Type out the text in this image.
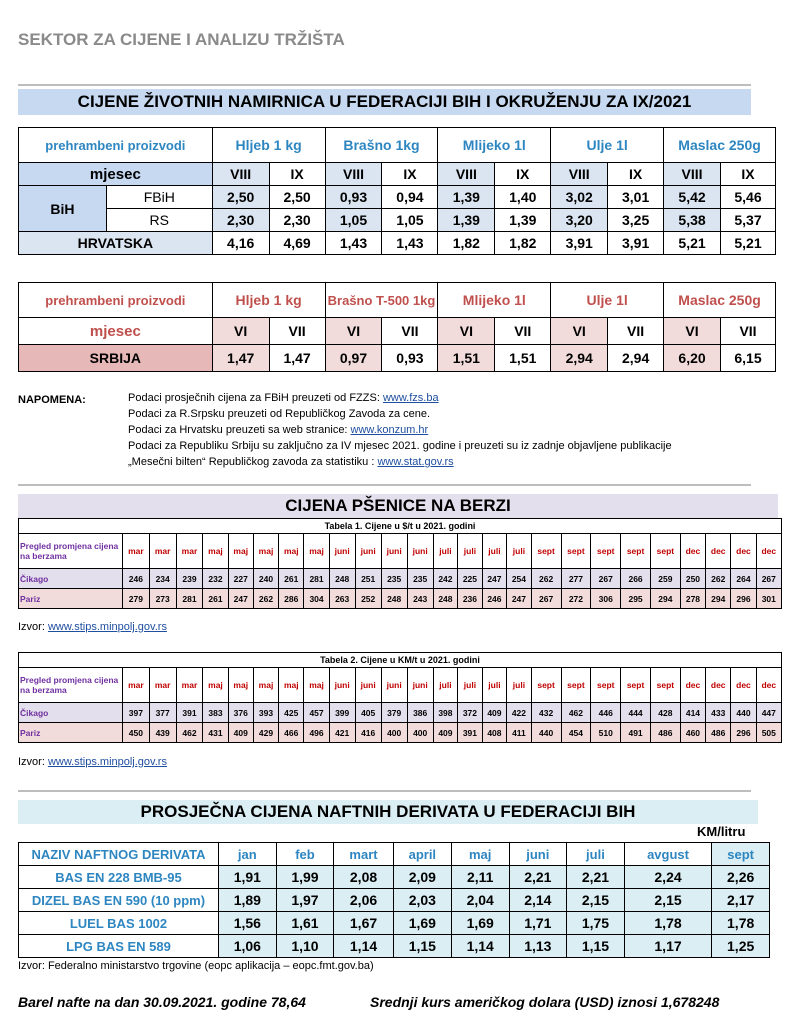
SEKTOR ZA CIJENE I ANALIZU TRŽIŠTA
CIJENE ŽIVOTNIH NAMIRNICA U FEDERACIJI BIH I OKRUŽENJU ZA IX/2021
prehrambeni proizvodi		Hljeb 1 kg		Brašno 1kg		Mlijeko 1l		Ulje 1l		Maslac 250g	
mjesec		VIII	IX	VIII	IX	VIII	IX	VIII	IX	VIII	IX
BiH	FBiH	2,50	2,50	0,93	0,94	1,39	1,40	3,02	3,01	5,42	5,46
	RS	2,30	2,30	1,05	1,05	1,39	1,39	3,20	3,25	5,38	5,37
HRVATSKA		4,16	4,69	1,43	1,43	1,82	1,82	3,91	3,91	5,21	5,21
prehrambeni proizvodi	Hljeb 1 kg		Brašno T-500 1kg		Mlijeko 1l		Ulje 1l		Maslac 250g	
mjesec	VI	VII	VI	VII	VI	VII	VI	VII	VI	VII
SRBIJA	1,47	1,47	0,97	0,93	1,51	1,51	2,94	2,94	6,20	6,15
NAPOMENA:	Podaci prosječnih cijena za FBiH preuzeti od FZZS: www.fzs.ba
Podaci za R.Srpsku preuzeti od Republičkog Zavoda za cene.
Podaci za Hrvatsku preuzeti sa web stranice: www.konzum.hr
Podaci za Republiku Srbiju su zaključno za IV mjesec 2021. godine i preuzeti su iz zadnje objavljene publikacije
„Mesečni bilten“ Republičkog zavoda za statistiku : www.stat.gov.rs
CIJENA PŠENICE NA BERZI
Tabela 1. Cijene u $/t u 2021. godini																									
Pregled promjena cijena na berzama	mar	mar	mar	maj	maj	maj	maj	maj	juni	juni	juni	juni	juli	juli	juli	juli	sept	sept	sept	sept	sept	dec	dec	dec	dec
Čikago	246	234	239	232	227	240	261	281	248	251	235	235	242	225	247	254	262	277	267	266	259	250	262	264	267
Pariz	279	273	281	261	247	262	286	304	263	252	248	243	248	236	246	247	267	272	306	295	294	278	294	296	301
Izvor: www.stips.minpolj.gov.rs
Tabela 2. Cijene u KM/t u 2021. godini																									
Pregled promjena cijena na berzama	mar	mar	mar	maj	maj	maj	maj	maj	juni	juni	juni	juni	juli	juli	juli	juli	sept	sept	sept	sept	sept	dec	dec	dec	dec
Čikago	397	377	391	383	376	393	425	457	399	405	379	386	398	372	409	422	432	462	446	444	428	414	433	440	447
Pariz	450	439	462	431	409	429	466	496	421	416	400	400	409	391	408	411	440	454	510	491	486	460	486	296	505
Izvor: www.stips.minpolj.gov.rs
PROSJEČNA CIJENA NAFTNIH DERIVATA U FEDERACIJI BIH
KM/litru
NAZIV NAFTNOG DERIVATA	jan	feb	mart	april	maj	juni	juli	avgust	sept
BAS EN 228 BMB-95	1,91	1,99	2,08	2,09	2,11	2,21	2,21	2,24	2,26
DIZEL BAS EN 590 (10 ppm)	1,89	1,97	2,06	2,03	2,04	2,14	2,15	2,15	2,17
LUEL BAS 1002	1,56	1,61	1,67	1,69	1,69	1,71	1,75	1,78	1,78
LPG BAS EN 589	1,06	1,10	1,14	1,15	1,14	1,13	1,15	1,17	1,25
Izvor: Federalno ministarstvo trgovine (eopc aplikacija – eopc.fmt.gov.ba)
Barel nafte na dan 30.09.2021. godine 78,64	Srednji kurs američkog dolara (USD) iznosi 1,678248
